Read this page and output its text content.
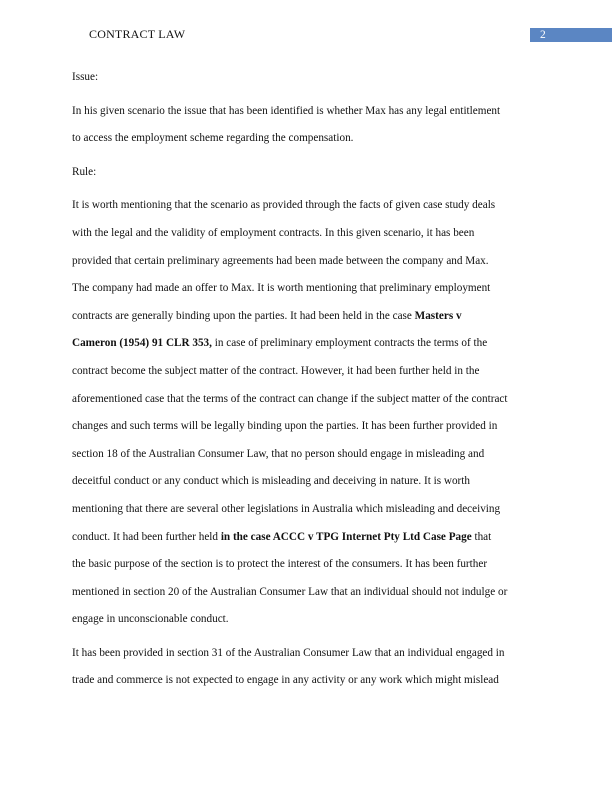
CONTRACT LAW	2

Issue:

In his given scenario the issue that has been identified is whether Max has any legal entitlement
to access the employment scheme regarding the compensation.

Rule:

It is worth mentioning that the scenario as provided through the facts of given case study deals
with the legal and the validity of employment contracts. In this given scenario, it has been
provided that certain preliminary agreements had been made between the company and Max.
The company had made an offer to Max. It is worth mentioning that preliminary employment
contracts are generally binding upon the parties. It had been held in the case Masters v
Cameron (1954) 91 CLR 353, in case of preliminary employment contracts the terms of the
contract become the subject matter of the contract. However, it had been further held in the
aforementioned case that the terms of the contract can change if the subject matter of the contract
changes and such terms will be legally binding upon the parties. It has been further provided in
section 18 of the Australian Consumer Law, that no person should engage in misleading and
deceitful conduct or any conduct which is misleading and deceiving in nature. It is worth
mentioning that there are several other legislations in Australia which misleading and deceiving
conduct. It had been further held in the case ACCC v TPG Internet Pty Ltd Case Page that
the basic purpose of the section is to protect the interest of the consumers. It has been further
mentioned in section 20 of the Australian Consumer Law that an individual should not indulge or
engage in unconscionable conduct.

It has been provided in section 31 of the Australian Consumer Law that an individual engaged in
trade and commerce is not expected to engage in any activity or any work which might mislead
